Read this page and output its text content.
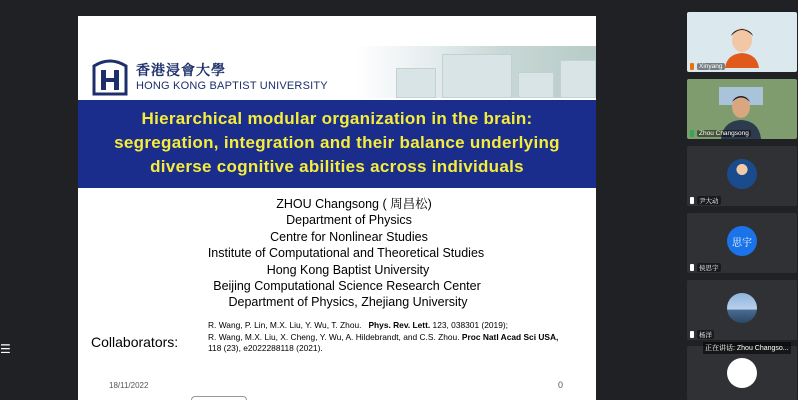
☰
香港浸會大學
HONG KONG BAPTIST UNIVERSITY

Hierarchical modular organization in the brain:

segregation, integration and their balance underlying

diverse cognitive abilities across individuals

ZHOU Changsong ( 周昌松)

Department of Physics

Centre for Nonlinear Studies

Institute of Computational and Theoretical Studies

Hong Kong Baptist University

Beijing Computational Science Research Center

Department of Physics, Zhejiang University

Collaborators:

R. Wang, P. Lin, M.X. Liu, Y. Wu, T. Zhou. Phys. Rev. Lett. 123, 038301 (2019);

R. Wang, M.X. Liu, X. Cheng, Y. Wu, A. Hildebrandt, and C.S. Zhou. Proc Natl Acad Sci USA,

118 (23), e2022288118 (2021).

18/11/2022	0
Xinyang
Zhou Changsong
尹大动
思宇
侯思宇
杨洋
正在讲话: Zhou Changso...
